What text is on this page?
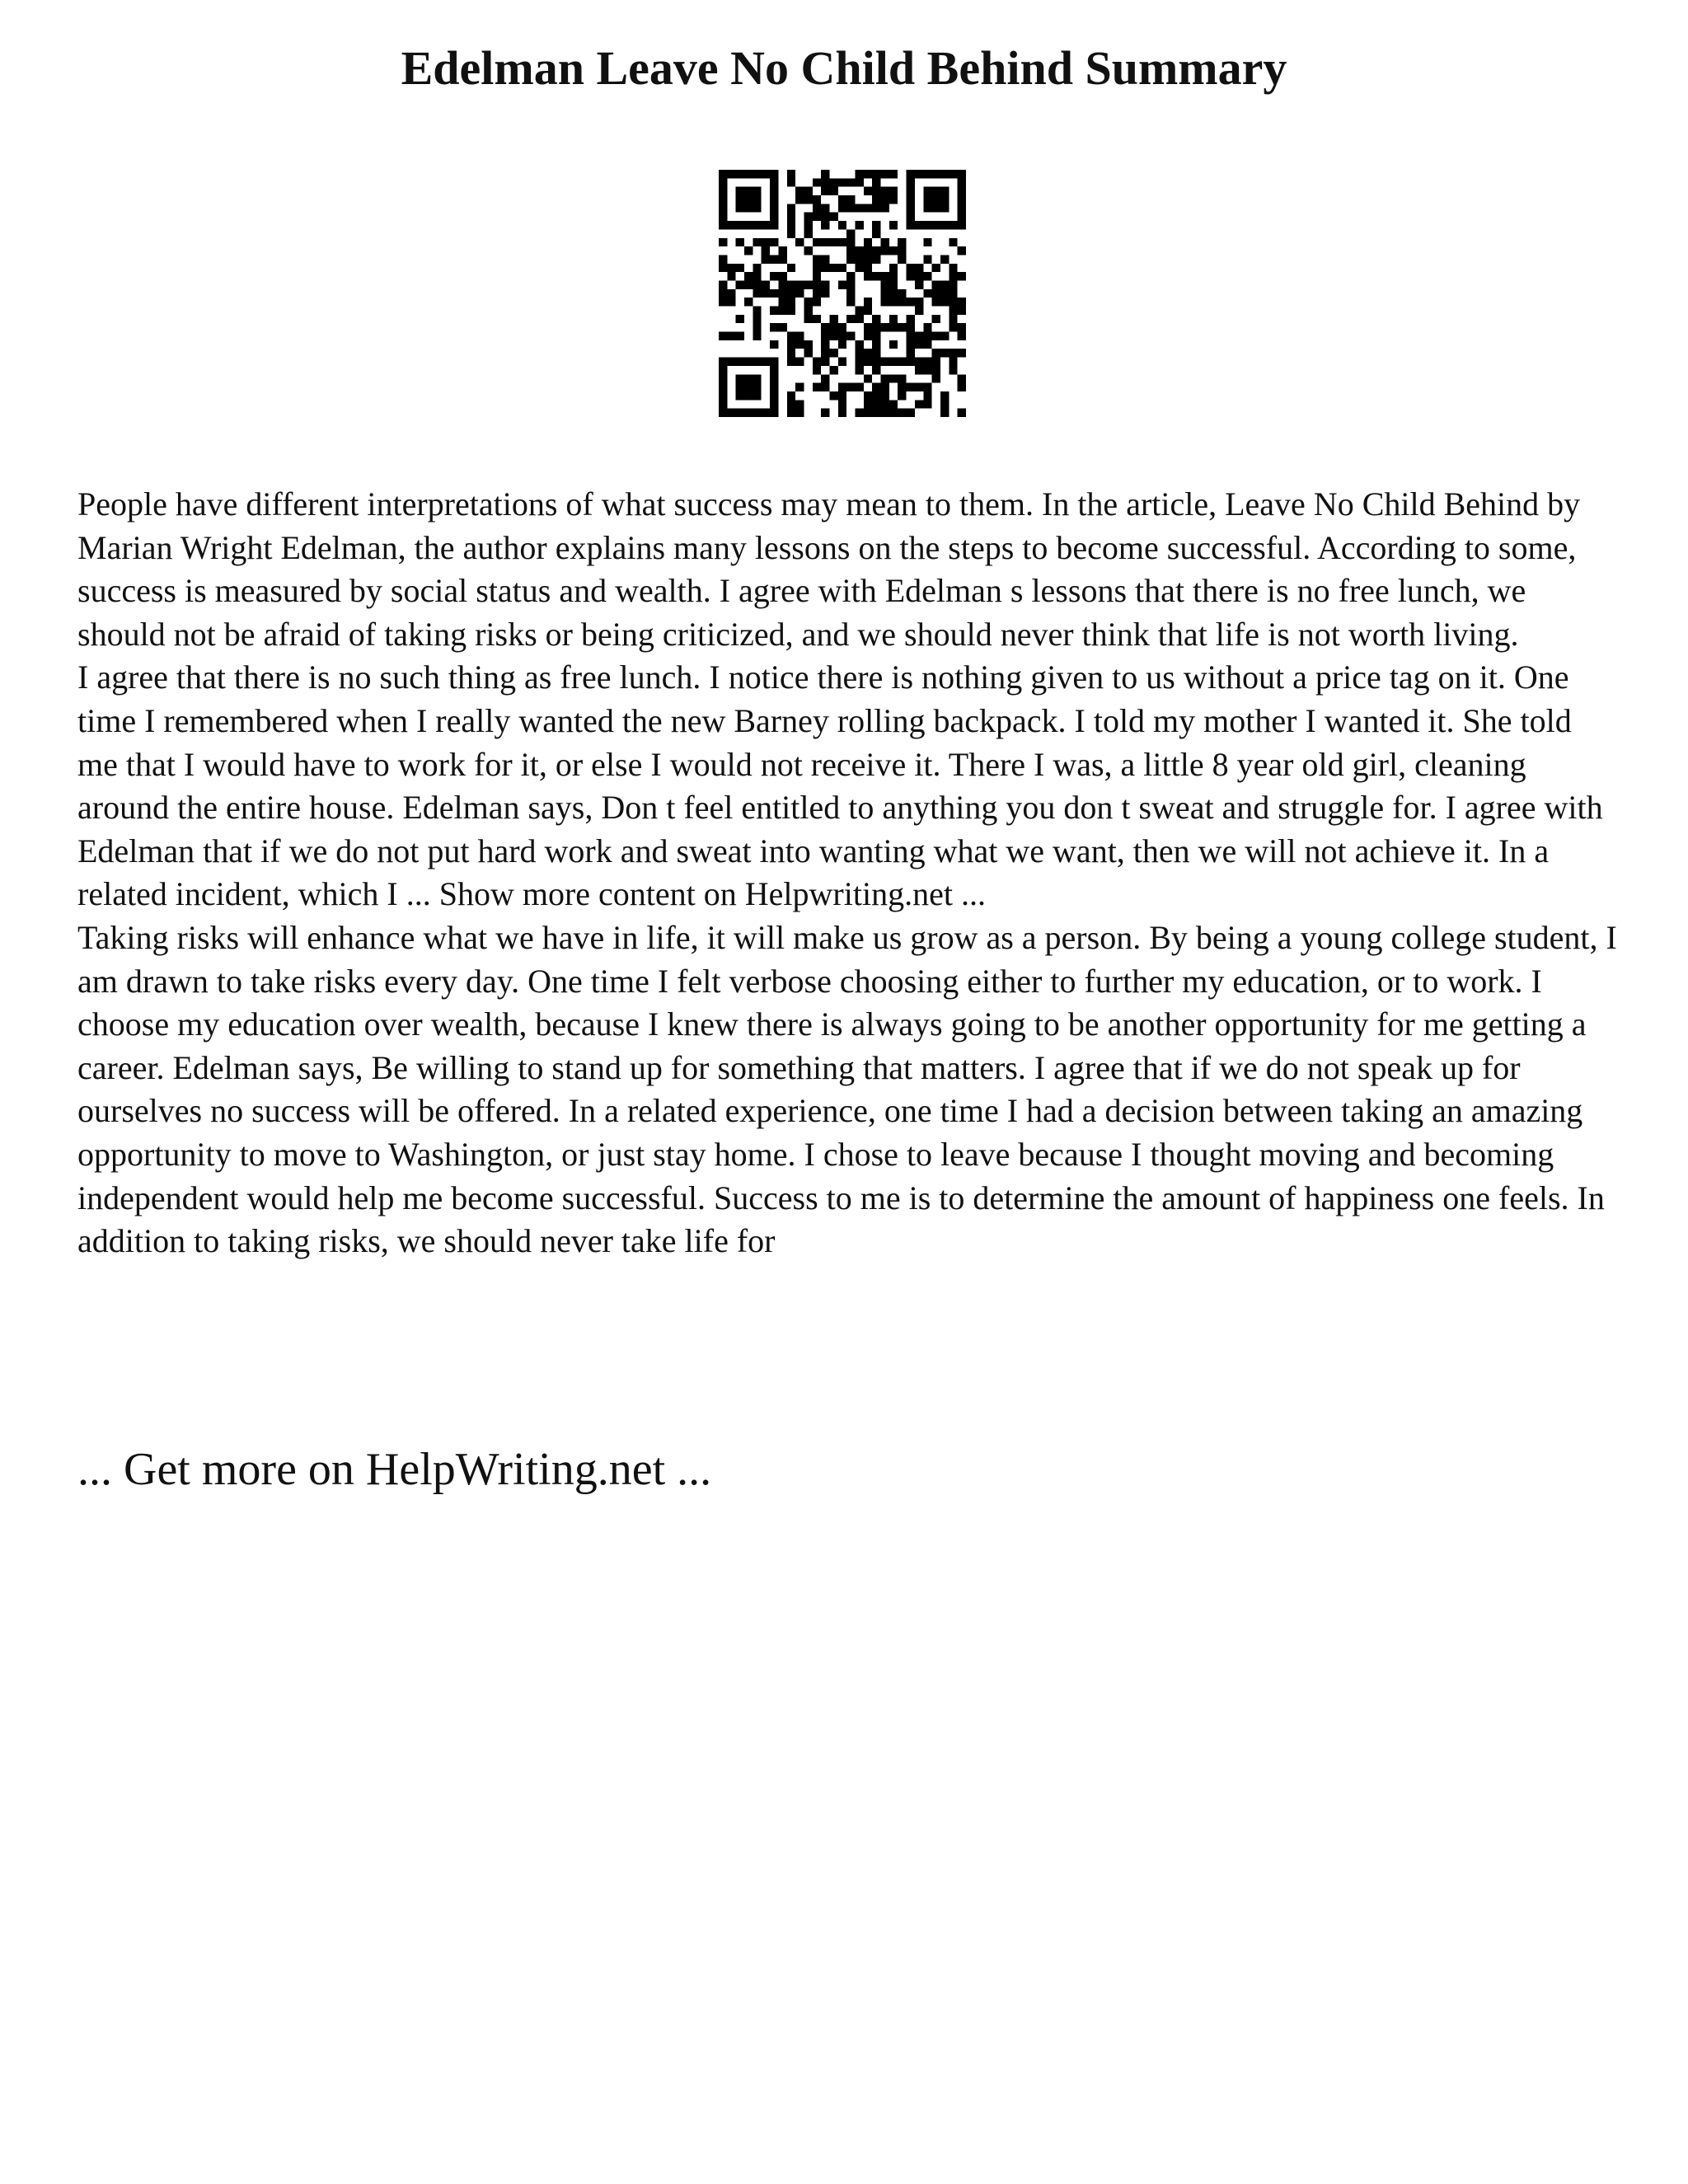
Edelman Leave No Child Behind Summary

People have different interpretations of what success may mean to them. In the article, Leave No Child Behind by Marian Wright Edelman, the author explains many lessons on the steps to become successful. According to some, success is measured by social status and wealth. I agree with Edelman s lessons that there is no free lunch, we should not be afraid of taking risks or being criticized, and we should never think that life is not worth living.

I agree that there is no such thing as free lunch. I notice there is nothing given to us without a price tag on it. One time I remembered when I really wanted the new Barney rolling backpack. I told my mother I wanted it. She told me that I would have to work for it, or else I would not receive it. There I was, a little 8 year old girl, cleaning around the entire house. Edelman says, Don t feel entitled to anything you don t sweat and struggle for. I agree with Edelman that if we do not put hard work and sweat into wanting what we want, then we will not achieve it. In a related incident, which I ... Show more content on Helpwriting.net ...

Taking risks will enhance what we have in life, it will make us grow as a person. By being a young college student, I am drawn to take risks every day. One time I felt verbose choosing either to further my education, or to work. I choose my education over wealth, because I knew there is always going to be another opportunity for me getting a career. Edelman says, Be willing to stand up for something that matters. I agree that if we do not speak up for ourselves no success will be offered. In a related experience, one time I had a decision between taking an amazing opportunity to move to Washington, or just stay home. I chose to leave because I thought moving and becoming independent would help me become successful. Success to me is to determine the amount of happiness one feels. In addition to taking risks, we should never take life for

... Get more on HelpWriting.net ...
